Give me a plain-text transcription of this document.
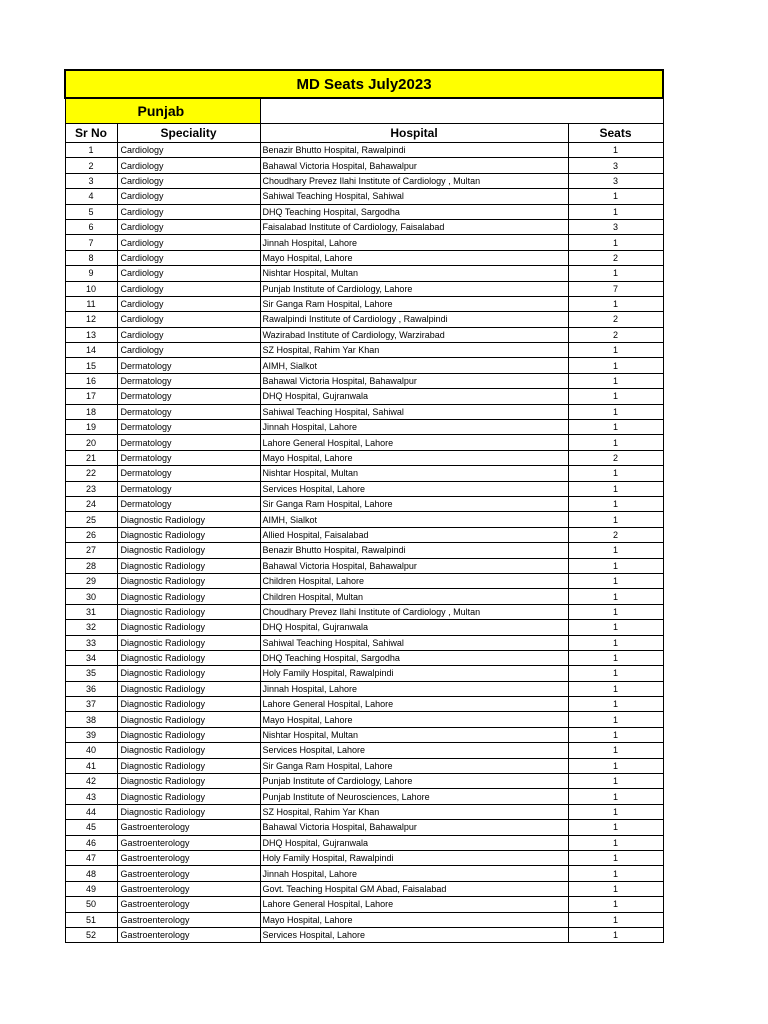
MD Seats July2023			
Punjab			
Sr No	Speciality	Hospital	Seats
1	Cardiology	Benazir Bhutto Hospital, Rawalpindi	1
2	Cardiology	Bahawal Victoria Hospital, Bahawalpur	3
3	Cardiology	Choudhary Prevez Ilahi Institute of Cardiology , Multan	3
4	Cardiology	Sahiwal Teaching Hospital, Sahiwal	1
5	Cardiology	DHQ Teaching Hospital, Sargodha	1
6	Cardiology	Faisalabad Institute of Cardiology, Faisalabad	3
7	Cardiology	Jinnah Hospital, Lahore	1
8	Cardiology	Mayo Hospital, Lahore	2
9	Cardiology	Nishtar Hospital, Multan	1
10	Cardiology	Punjab Institute of Cardiology, Lahore	7
11	Cardiology	Sir Ganga Ram Hospital, Lahore	1
12	Cardiology	Rawalpindi Institute of Cardiology , Rawalpindi	2
13	Cardiology	Wazirabad Institute of Cardiology, Warzirabad	2
14	Cardiology	SZ Hospital, Rahim Yar Khan	1
15	Dermatology	AIMH, Sialkot	1
16	Dermatology	Bahawal Victoria Hospital, Bahawalpur	1
17	Dermatology	DHQ Hospital, Gujranwala	1
18	Dermatology	Sahiwal Teaching Hospital, Sahiwal	1
19	Dermatology	Jinnah Hospital, Lahore	1
20	Dermatology	Lahore General Hospital, Lahore	1
21	Dermatology	Mayo Hospital, Lahore	2
22	Dermatology	Nishtar Hospital, Multan	1
23	Dermatology	Services Hospital, Lahore	1
24	Dermatology	Sir Ganga Ram Hospital, Lahore	1
25	Diagnostic Radiology	AIMH, Sialkot	1
26	Diagnostic Radiology	Allied Hospital, Faisalabad	2
27	Diagnostic Radiology	Benazir Bhutto Hospital, Rawalpindi	1
28	Diagnostic Radiology	Bahawal Victoria Hospital, Bahawalpur	1
29	Diagnostic Radiology	Children Hospital, Lahore	1
30	Diagnostic Radiology	Children Hospital, Multan	1
31	Diagnostic Radiology	Choudhary Prevez Ilahi Institute of Cardiology , Multan	1
32	Diagnostic Radiology	DHQ Hospital, Gujranwala	1
33	Diagnostic Radiology	Sahiwal Teaching Hospital, Sahiwal	1
34	Diagnostic Radiology	DHQ Teaching Hospital, Sargodha	1
35	Diagnostic Radiology	Holy Family Hospital, Rawalpindi	1
36	Diagnostic Radiology	Jinnah Hospital, Lahore	1
37	Diagnostic Radiology	Lahore General Hospital, Lahore	1
38	Diagnostic Radiology	Mayo Hospital, Lahore	1
39	Diagnostic Radiology	Nishtar Hospital, Multan	1
40	Diagnostic Radiology	Services Hospital, Lahore	1
41	Diagnostic Radiology	Sir Ganga Ram Hospital, Lahore	1
42	Diagnostic Radiology	Punjab Institute of Cardiology, Lahore	1
43	Diagnostic Radiology	Punjab Institute of Neurosciences, Lahore	1
44	Diagnostic Radiology	SZ Hospital, Rahim Yar Khan	1
45	Gastroenterology	Bahawal Victoria Hospital, Bahawalpur	1
46	Gastroenterology	DHQ Hospital, Gujranwala	1
47	Gastroenterology	Holy Family Hospital, Rawalpindi	1
48	Gastroenterology	Jinnah Hospital, Lahore	1
49	Gastroenterology	Govt. Teaching Hospital GM Abad, Faisalabad	1
50	Gastroenterology	Lahore General Hospital, Lahore	1
51	Gastroenterology	Mayo Hospital, Lahore	1
52	Gastroenterology	Services Hospital, Lahore	1
